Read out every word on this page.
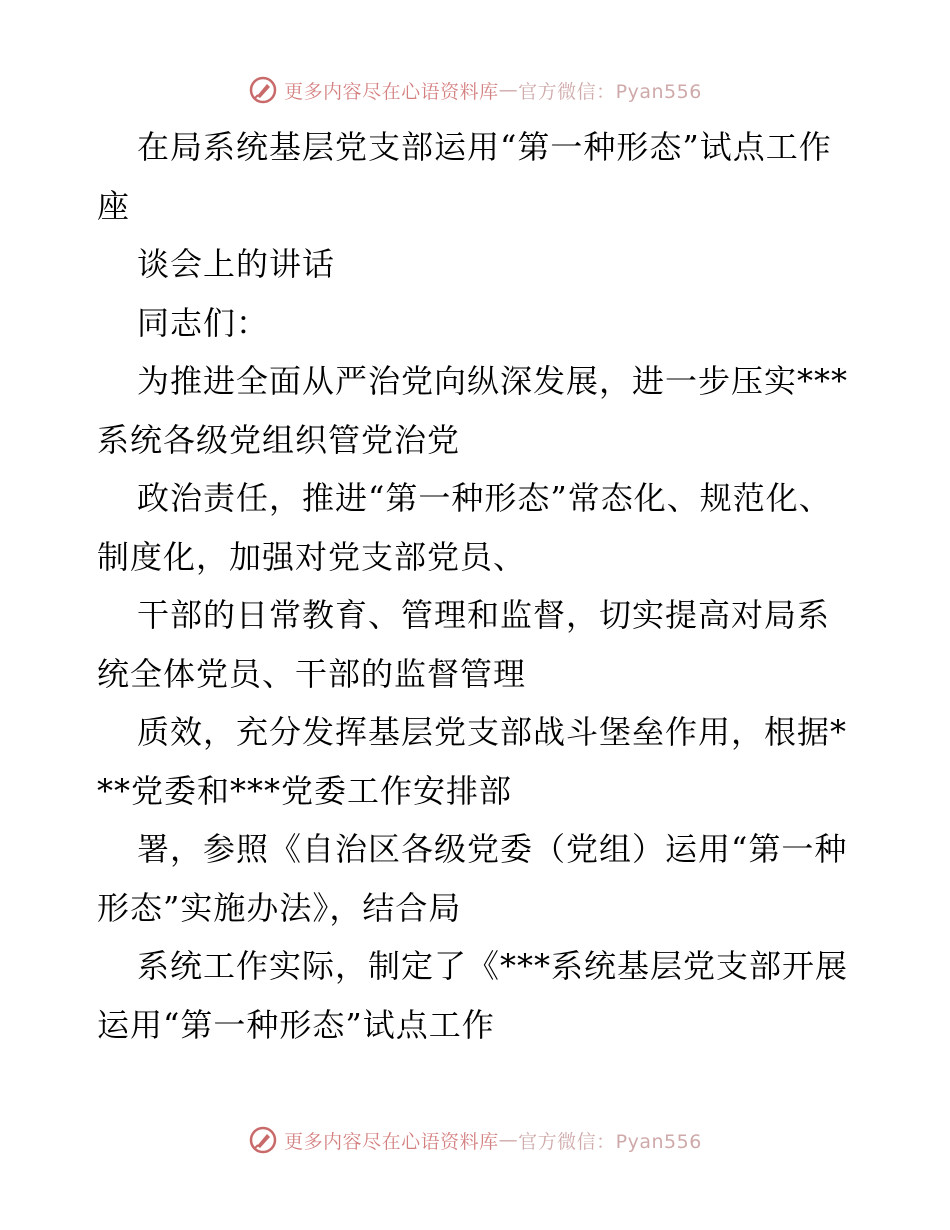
更多内容尽在心语资料库 — 官方微信：Pyan556

在局系统基层党支部运用“第一种形态”试点工作座

谈会上的讲话

同志们：

为推进全面从严治党向纵深发展，进一步压实***系统各级党组织管党治党

政治责任，推进“第一种形态”常态化、规范化、制度化，加强对党支部党员、

干部的日常教育、管理和监督，切实提高对局系统全体党员、干部的监督管理

质效，充分发挥基层党支部战斗堡垒作用，根据***党委和***党委工作安排部

署，参照《自治区各级党委（党组）运用“第一种形态”实施办法》，结合局

系统工作实际，制定了《***系统基层党支部开展运用“第一种形态”试点工作

更多内容尽在心语资料库 — 官方微信：Pyan556
